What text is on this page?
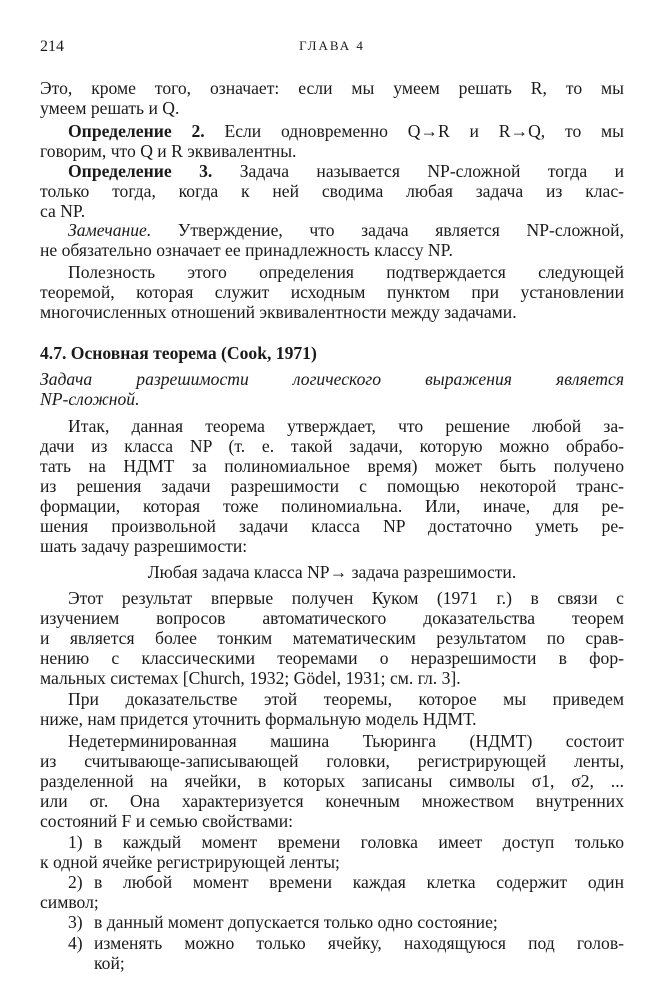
214	ГЛАВА 4
Это, кроме того, означает: если мы умеем решать R, то мы
умеем решать и Q.
Определение 2. Если одновременно Q→R и R→Q, то мы
говорим, что Q и R эквивалентны.
Определение 3. Задача называется NP-сложной тогда и
только тогда, когда к ней сводима любая задача из клас-
са NP.
Замечание. Утверждение, что задача является NP-сложной,
не обязательно означает ее принадлежность классу NP.
Полезность этого определения подтверждается следующей
теоремой, которая служит исходным пунктом при установлении
многочисленных отношений эквивалентности между задачами.
4.7. Основная теорема (Cook, 1971)
Задача разрешимости логического выражения является
NP-сложной.
Итак, данная теорема утверждает, что решение любой за-
дачи из класса NP (т. е. такой задачи, которую можно обрабо-
тать на НДМТ за полиномиальное время) может быть получено
из решения задачи разрешимости с помощью некоторой транс-
формации, которая тоже полиномиальна. Или, иначе, для ре-
шения произвольной задачи класса NP достаточно уметь ре-
шать задачу разрешимости:
Любая задача класса NP→ задача разрешимости.
Этот результат впервые получен Куком (1971 г.) в связи с
изучением вопросов автоматического доказательства теорем
и является более тонким математическим результатом по срав-
нению с классическими теоремами о неразрешимости в фор-
мальных системах [Church, 1932; Gödel, 1931; см. гл. 3].
При доказательстве этой теоремы, которое мы приведем
ниже, нам придется уточнить формальную модель НДМТ.
Недетерминированная машина Тьюринга (НДМТ) состоит
из считывающе-записывающей головки, регистрирующей ленты,
разделенной на ячейки, в которых записаны символы σ1, σ2, ...
или σr. Она характеризуется конечным множеством внутренних
состояний F и семью свойствами:
1) в каждый момент времени головка имеет доступ только
к одной ячейке регистрирующей ленты;
2) в любой момент времени каждая клетка содержит один
символ;
3) в данный момент допускается только одно состояние;
4) изменять можно только ячейку, находящуюся под голов-
кой;
